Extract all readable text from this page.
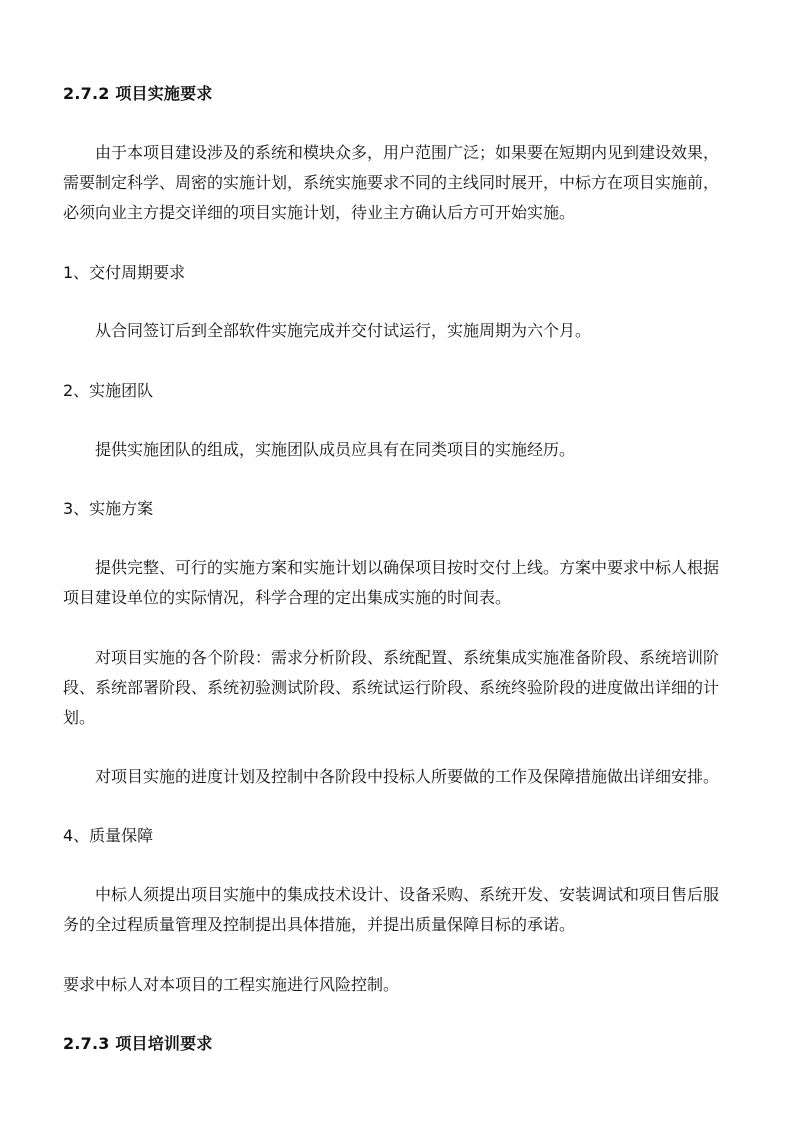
2.7.2 项目实施要求
由于本项目建设涉及的系统和模块众多，用户范围广泛；如果要在短期内见到建设效果，
需要制定科学、周密的实施计划，系统实施要求不同的主线同时展开，中标方在项目实施前，
必须向业主方提交详细的项目实施计划，待业主方确认后方可开始实施。
1、交付周期要求
从合同签订后到全部软件实施完成并交付试运行，实施周期为六个月。
2、实施团队
提供实施团队的组成，实施团队成员应具有在同类项目的实施经历。
3、实施方案
提供完整、可行的实施方案和实施计划以确保项目按时交付上线。方案中要求中标人根据
项目建设单位的实际情况，科学合理的定出集成实施的时间表。
对项目实施的各个阶段：需求分析阶段、系统配置、系统集成实施准备阶段、系统培训阶
段、系统部署阶段、系统初验测试阶段、系统试运行阶段、系统终验阶段的进度做出详细的计
划。
对项目实施的进度计划及控制中各阶段中投标人所要做的工作及保障措施做出详细安排。
4、质量保障
中标人须提出项目实施中的集成技术设计、设备采购、系统开发、安装调试和项目售后服
务的全过程质量管理及控制提出具体措施，并提出质量保障目标的承诺。
要求中标人对本项目的工程实施进行风险控制。
2.7.3 项目培训要求
